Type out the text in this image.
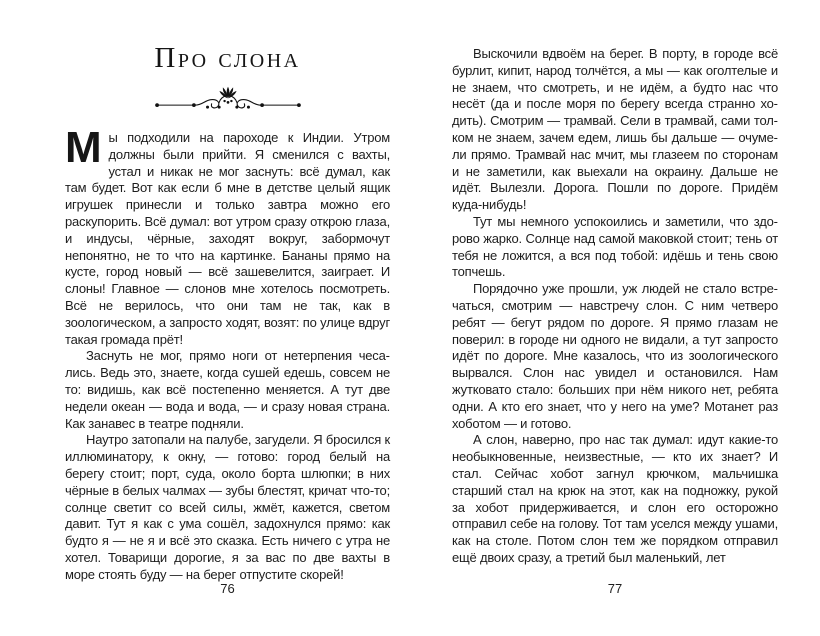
Про слона

Мы подходили на пароходе к Индии. Утром должны были прийти. Я сменился с вахты, устал и никак не мог заснуть: всё думал, как там будет. Вот как если б мне в детстве целый ящик игрушек принесли и только завтра можно его раскупорить. Всё думал: вот утром сразу открою глаза, и индусы, чёрные, заходят вокруг, забормочут непонятно, не то что на картинке. Бананы прямо на кусте, город новый — всё зашевелится, заиграет. И слоны! Главное — слонов мне хотелось посмотреть. Всё не верилось, что они там не так, как в зоологическом, а запросто ходят, возят: по улице вдруг такая громада прёт!

Заснуть не мог, прямо ноги от нетерпения чесались. Ведь это, знаете, когда сушей едешь, совсем не то: видишь, как всё постепенно меняется. А тут две недели океан — вода и вода, — и сразу новая страна. Как занавес в театре подняли.

Наутро затопали на палубе, загудели. Я бросился к иллюминатору, к окну, — готово: город белый на берегу стоит; порт, суда, около борта шлюпки; в них чёрные в белых чалмах — зубы блестят, кричат что-то; солнце светит со всей силы, жмёт, кажется, светом давит. Тут я как с ума сошёл, задохнулся прямо: как будто я — не я и всё это сказка. Есть ничего с утра не хотел. Товарищи дорогие, я за вас по две вахты в море стоять буду — на берег отпустите скорей!

Выскочили вдвоём на берег. В порту, в городе всё бурлит, кипит, народ толчётся, а мы — как оголтелые и не знаем, что смотреть, и не идём, а будто нас что несёт (да и после моря по берегу всегда странно ходить). Смотрим — трамвай. Сели в трамвай, сами толком не знаем, зачем едем, лишь бы дальше — очумели прямо. Трамвай нас мчит, мы глазеем по сторонам и не заметили, как выехали на окраину. Дальше не идёт. Вылезли. Дорога. Пошли по дороге. Придём куда-нибудь!

Тут мы немного успокоились и заметили, что здорово жарко. Солнце над самой маковкой стоит; тень от тебя не ложится, а вся под тобой: идёшь и тень свою топчешь.

Порядочно уже прошли, уж людей не стало встречаться, смотрим — навстречу слон. С ним четверо ребят — бегут рядом по дороге. Я прямо глазам не поверил: в городе ни одного не видали, а тут запросто идёт по дороге. Мне казалось, что из зоологического вырвался. Слон нас увидел и остановился. Нам жутковато стало: больших при нём никого нет, ребята одни. А кто его знает, что у него на уме? Мотанет раз хоботом — и готово.

А слон, наверно, про нас так думал: идут какие-то необыкновенные, неизвестные, — кто их знает? И стал. Сейчас хобот загнул крючком, мальчишка старший стал на крюк на этот, как на подножку, рукой за хобот придерживается, и слон его осторожно отправил себе на голову. Тот там уселся между ушами, как на столе. Потом слон тем же порядком отправил ещё двоих сразу, а третий был маленький, лет

76	77
